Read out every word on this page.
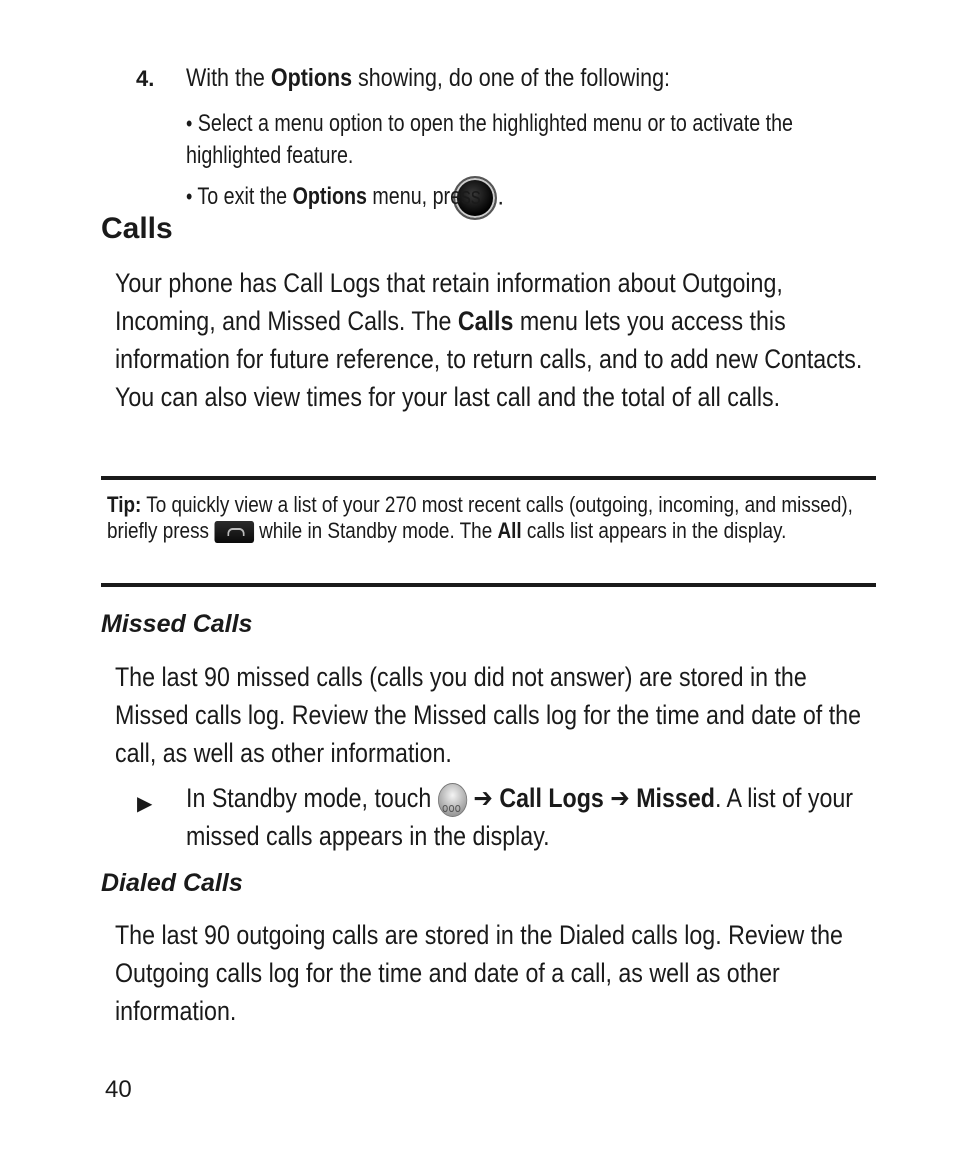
4. With the Options showing, do one of the following:
• Select a menu option to open the highlighted menu or to activate the highlighted feature.
• To exit the Options menu, press.
Calls
Your phone has Call Logs that retain information about Outgoing, Incoming, and Missed Calls. The Calls menu lets you access this information for future reference, to return calls, and to add new Contacts. You can also view times for your last call and the total of all calls.
Tip: To quickly view a list of your 270 most recent calls (outgoing, incoming, and missed), briefly press  while in Standby mode. The All calls list appears in the display.
Missed Calls
The last 90 missed calls (calls you did not answer) are stored in the Missed calls log. Review the Missed calls log for the time and date of the call, as well as other information.
▶ In Standby mode, touch ooo ➔ Call Logs ➔ Missed. A list of your missed calls appears in the display.
Dialed Calls
The last 90 outgoing calls are stored in the Dialed calls log. Review the Outgoing calls log for the time and date of a call, as well as other information.
40
